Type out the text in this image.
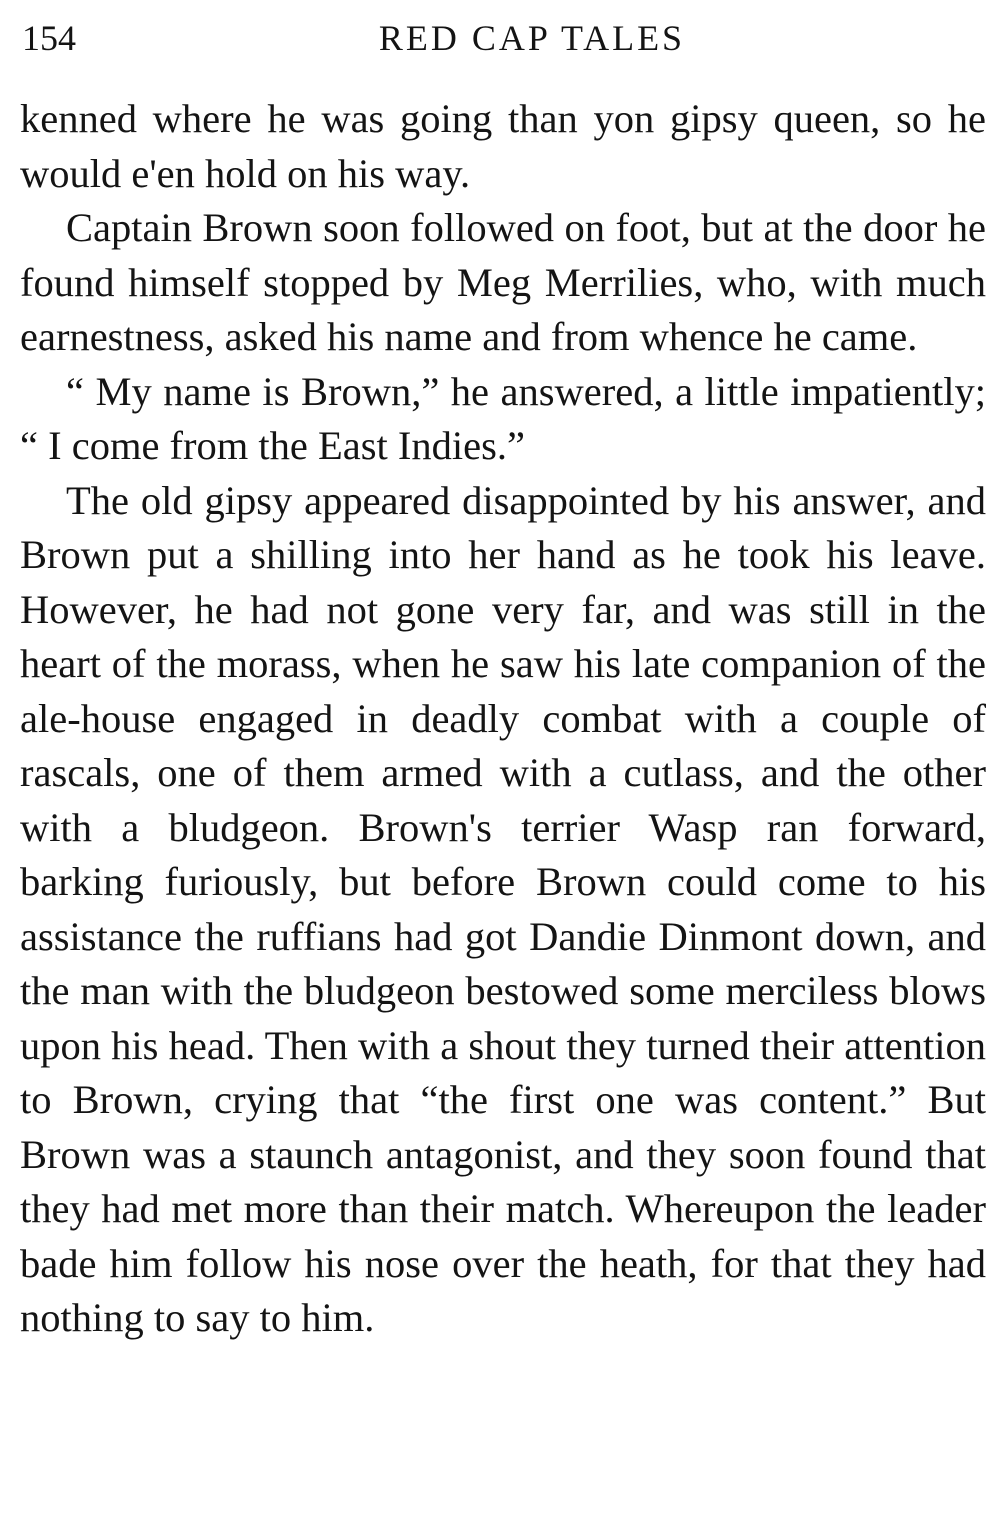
154	RED CAP TALES

kenned where he was going than yon gipsy queen, so he would e'en hold on his way.

Captain Brown soon followed on foot, but at the door he found himself stopped by Meg Merrilies, who, with much earnestness, asked his name and from whence he came.

“ My name is Brown,” he answered, a little impatiently; “ I come from the East Indies.”

The old gipsy appeared disappointed by his answer, and Brown put a shilling into her hand as he took his leave. However, he had not gone very far, and was still in the heart of the morass, when he saw his late companion of the ale-house engaged in deadly combat with a couple of rascals, one of them armed with a cutlass, and the other with a bludgeon. Brown's terrier Wasp ran forward, barking furiously, but before Brown could come to his assistance the ruffians had got Dandie Dinmont down, and the man with the bludgeon bestowed some merciless blows upon his head. Then with a shout they turned their attention to Brown, crying that “the first one was content.” But Brown was a staunch antagonist, and they soon found that they had met more than their match. Whereupon the leader bade him follow his nose over the heath, for that they had nothing to say to him.
